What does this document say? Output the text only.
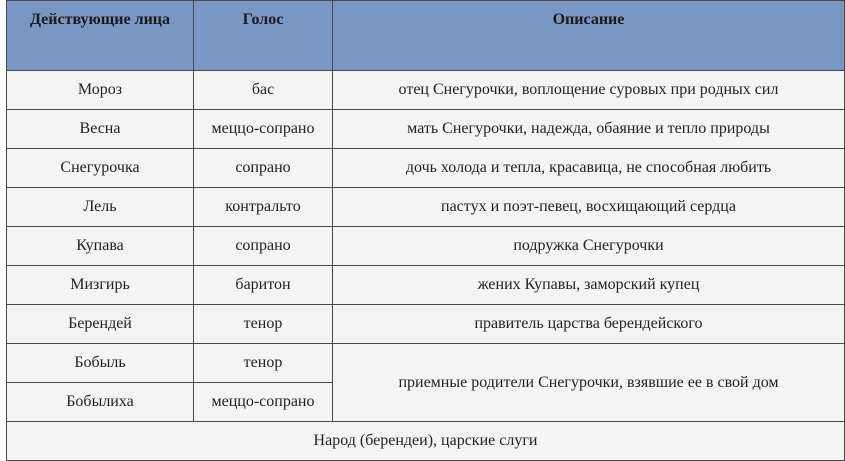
Действующие лица	Голос	Описание
Мороз	бас	отец Снегурочки, воплощение суровых при родных сил
Весна	меццо-сопрано	мать Снегурочки, надежда, обаяние и тепло природы
Снегурочка	сопрано	дочь холода и тепла, красавица, не способная любить
Лель	контральто	пастух и поэт-певец, восхищающий сердца
Купава	сопрано	подружка Снегурочки
Мизгирь	баритон	жених Купавы, заморский купец
Берендей	тенор	правитель царства берендейского
Бобыль	тенор	приемные родители Снегурочки, взявшие ее в свой дом
Бобылиха	меццо-сопрано	
Народ (берендеи), царские слуги		
